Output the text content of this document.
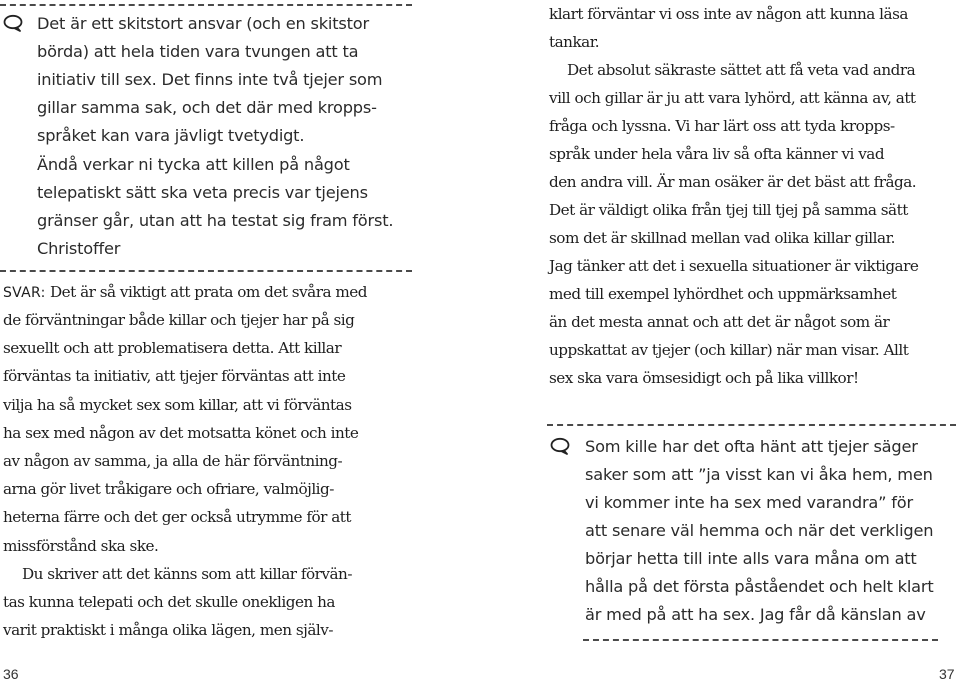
Det är ett skitstort ansvar (och en skitstor
börda) att hela tiden vara tvungen att ta
initiativ till sex. Det finns inte två tjejer som
gillar samma sak, och det där med kropps-
språket kan vara jävligt tvetydigt.
Ändå verkar ni tycka att killen på något
telepatiskt sätt ska veta precis var tjejens
gränser går, utan att ha testat sig fram först.
Christoffer
SVAR: Det är så viktigt att prata om det svåra med
de förväntningar både killar och tjejer har på sig
sexuellt och att problematisera detta. Att killar
förväntas ta initiativ, att tjejer förväntas att inte
vilja ha så mycket sex som killar, att vi förväntas
ha sex med någon av det motsatta könet och inte
av någon av samma, ja alla de här förväntning-
arna gör livet tråkigare och ofriare, valmöjlig-
heterna färre och det ger också utrymme för att
missförstånd ska ske.
Du skriver att det känns som att killar förvän-
tas kunna telepati och det skulle onekligen ha
varit praktiskt i många olika lägen, men själv-
klart förväntar vi oss inte av någon att kunna läsa
tankar.
Det absolut säkraste sättet att få veta vad andra
vill och gillar är ju att vara lyhörd, att känna av, att
fråga och lyssna. Vi har lärt oss att tyda kropps-
språk under hela våra liv så ofta känner vi vad
den andra vill. Är man osäker är det bäst att fråga.
Det är väldigt olika från tjej till tjej på samma sätt
som det är skillnad mellan vad olika killar gillar.
Jag tänker att det i sexuella situationer är viktigare
med till exempel lyhördhet och uppmärksamhet
än det mesta annat och att det är något som är
uppskattat av tjejer (och killar) när man visar. Allt
sex ska vara ömsesidigt och på lika villkor!
Som kille har det ofta hänt att tjejer säger
saker som att ”ja visst kan vi åka hem, men
vi kommer inte ha sex med varandra” för
att senare väl hemma och när det verkligen
börjar hetta till inte alls vara måna om att
hålla på det första påståendet och helt klart
är med på att ha sex. Jag får då känslan av
36	37
